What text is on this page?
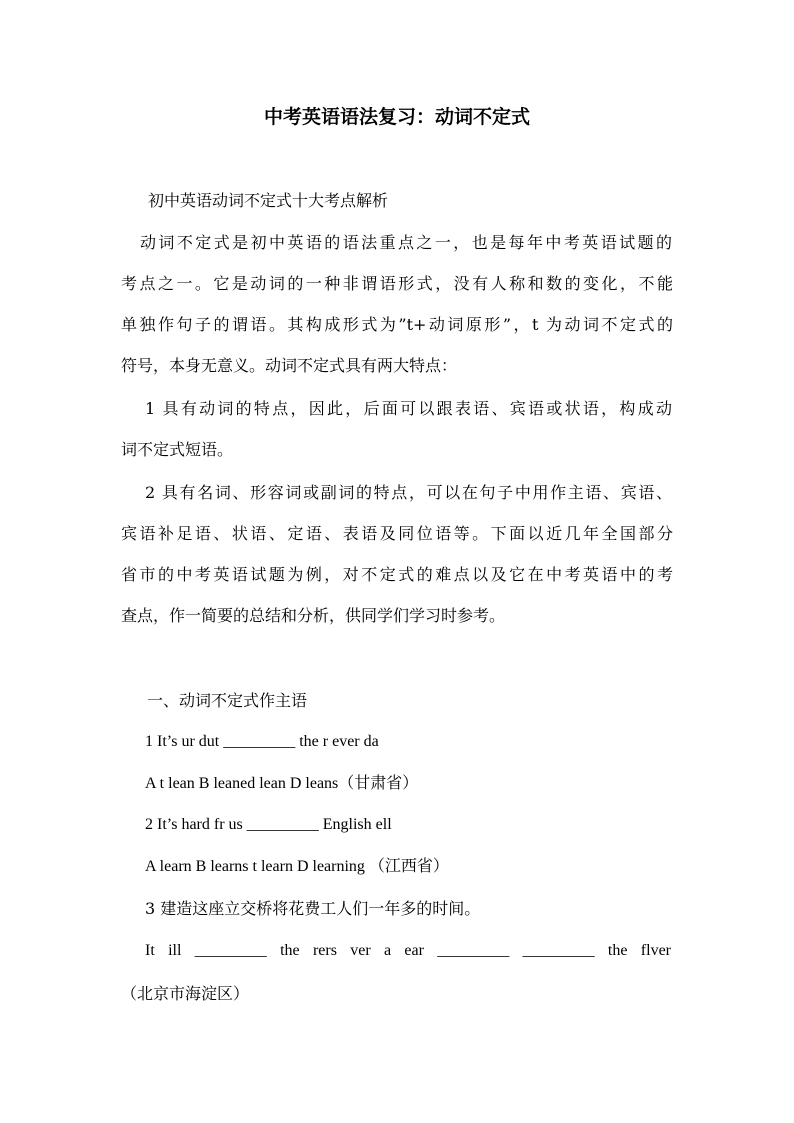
中考英语语法复习：动词不定式
初中英语动词不定式十大考点解析
动词不定式是初中英语的语法重点之一，也是每年中考英语试题的
考点之一。它是动词的一种非谓语形式，没有人称和数的变化，不能
单独作句子的谓语。其构成形式为”t+动词原形”，t 为动词不定式的
符号，本身无意义。动词不定式具有两大特点：
1 具有动词的特点，因此，后面可以跟表语、宾语或状语，构成动
词不定式短语。
2 具有名词、形容词或副词的特点，可以在句子中用作主语、宾语、
宾语补足语、状语、定语、表语及同位语等。下面以近几年全国部分
省市的中考英语试题为例，对不定式的难点以及它在中考英语中的考
查点，作一简要的总结和分析，供同学们学习时参考。
一、动词不定式作主语
1 It’s ur dut _________ the r ever da
A t lean B leaned lean D leans（甘肃省）
2 It’s hard fr us _________ English ell
A learn B learns t learn D learning （江西省）
3 建造这座立交桥将花费工人们一年多的时间。
It ill _________ the rers ver a ear _________ _________ the flver
（北京市海淀区）
